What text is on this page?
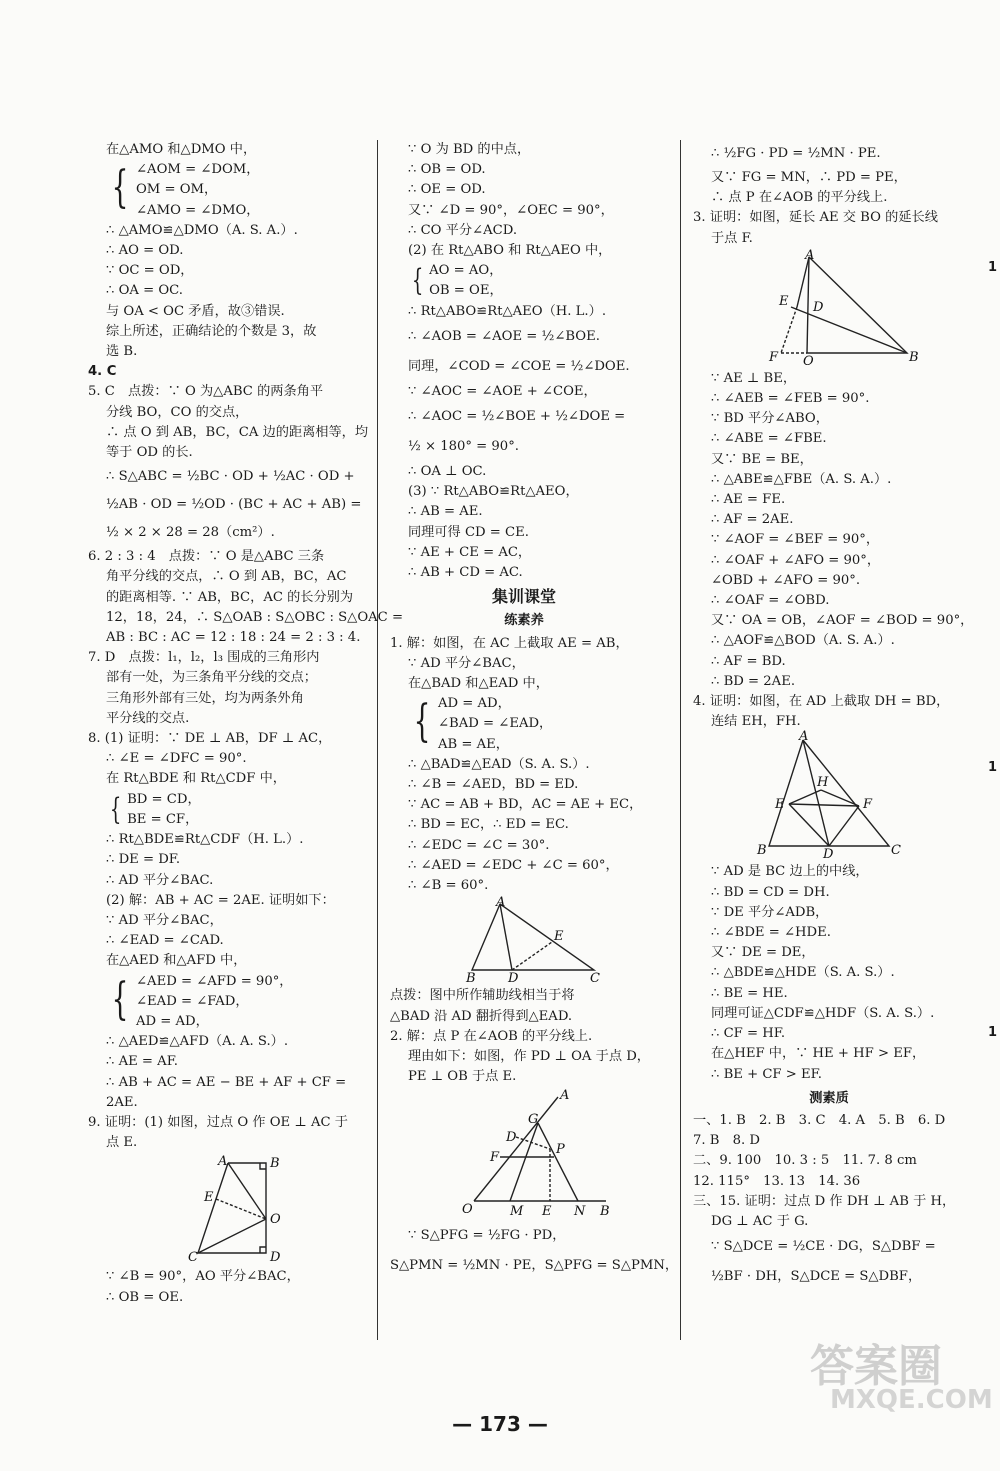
在△AMO 和△DMO 中，
{ ∠AOM = ∠DOM，
OM = OM，
∠AMO = ∠DMO，
∴ △AMO≌△DMO（A. S. A.）.
∴ AO = OD.
∵ OC = OD，
∴ OA = OC.
与 OA < OC 矛盾，故③错误.
综上所述，正确结论的个数是 3，故
选 B.
4. C
5. C　点拨：∵ O 为△ABC 的两条角平
分线 BO，CO 的交点，
∴ 点 O 到 AB，BC，CA 边的距离相等，均
等于 OD 的长.
∴ S△ABC = ½BC · OD + ½AC · OD +
½AB · OD = ½OD · (BC + AC + AB) =
½ × 2 × 28 = 28（cm²）.
6. 2 : 3 : 4　点拨：∵ O 是△ABC 三条
角平分线的交点，∴ O 到 AB，BC，AC
的距离相等. ∵ AB，BC，AC 的长分别为
12，18，24，∴ S△OAB : S△OBC : S△OAC =
AB : BC : AC = 12 : 18 : 24 = 2 : 3 : 4.
7. D　点拨：l₁，l₂，l₃ 围成的三角形内
部有一处，为三条角平分线的交点；
三角形外部有三处，均为两条外角
平分线的交点.
8. (1) 证明：∵ DE ⊥ AB，DF ⊥ AC，
∴ ∠E = ∠DFC = 90°.
在 Rt△BDE 和 Rt△CDF 中，
{ BD = CD，
BE = CF，
∴ Rt△BDE≌Rt△CDF（H. L.）.
∴ DE = DF.
∴ AD 平分∠BAC.
(2) 解：AB + AC = 2AE. 证明如下：
∵ AD 平分∠BAC，
∴ ∠EAD = ∠CAD.
在△AED 和△AFD 中，
{ ∠AED = ∠AFD = 90°，
∠EAD = ∠FAD，
AD = AD，
∴ △AED≌△AFD（A. A. S.）.
∴ AE = AF.
∴ AB + AC = AE − BE + AF + CF =
2AE.
9. 证明：(1) 如图，过点 O 作 OE ⊥ AC 于
点 E.
A	B
E
O
C	D
∵ ∠B = 90°，AO 平分∠BAC，
∴ OB = OE.
∵ O 为 BD 的中点，
∴ OB = OD.
∴ OE = OD.
又∵ ∠D = 90°，∠OEC = 90°，
∴ CO 平分∠ACD.
(2) 在 Rt△ABO 和 Rt△AEO 中，
{ AO = AO，
OB = OE，
∴ Rt△ABO≌Rt△AEO（H. L.）.
∴ ∠AOB = ∠AOE = ½∠BOE.
同理，∠COD = ∠COE = ½∠DOE.
∵ ∠AOC = ∠AOE + ∠COE，
∴ ∠AOC = ½∠BOE + ½∠DOE =
½ × 180° = 90°.
∴ OA ⊥ OC.
(3) ∵ Rt△ABO≌Rt△AEO，
∴ AB = AE.
同理可得 CD = CE.
∵ AE + CE = AC，
∴ AB + CD = AC.
集训课堂
练素养
1. 解：如图，在 AC 上截取 AE = AB，
∵ AD 平分∠BAC，
在△BAD 和△EAD 中，
{ AD = AD，
∠BAD = ∠EAD，
AB = AE，
∴ △BAD≌△EAD（S. A. S.）.
∴ ∠B = ∠AED，BD = ED.
∵ AC = AB + BD，AC = AE + EC，
∴ BD = EC，∴ ED = EC.
∴ ∠EDC = ∠C = 30°.
∴ ∠AED = ∠EDC + ∠C = 60°，
∴ ∠B = 60°.
A
E
B D	C
点拨：图中所作辅助线相当于将
△BAD 沿 AD 翻折得到△EAD.
2. 解：点 P 在∠AOB 的平分线上.
理由如下：如图，作 PD ⊥ OA 于点 D，
PE ⊥ OB 于点 E.
A
G
D
F
P
O	M E N B
∵ S△PFG = ½FG · PD，
S△PMN = ½MN · PE，S△PFG = S△PMN，
∴ ½FG · PD = ½MN · PE.
又∵ FG = MN，∴ PD = PE，
∴ 点 P 在∠AOB 的平分线上.
3. 证明：如图，延长 AE 交 BO 的延长线
于点 F.
A
E D
F O	B
∵ AE ⊥ BE，
∴ ∠AEB = ∠FEB = 90°.
∵ BD 平分∠ABO，
∴ ∠ABE = ∠FBE.
又∵ BE = BE，
∴ △ABE≌△FBE（A. S. A.）.
∴ AE = FE.
∴ AF = 2AE.
∵ ∠AOF = ∠BEF = 90°，
∴ ∠OAF + ∠AFO = 90°，
∠OBD + ∠AFO = 90°.
∴ ∠OAF = ∠OBD.
又∵ OA = OB，∠AOF = ∠BOD = 90°，
∴ △AOF≌△BOD（A. S. A.）.
∴ AF = BD.
∴ BD = 2AE.
4. 证明：如图，在 AD 上截取 DH = BD，
连结 EH，FH.
A
H
E	F
B	D	C
∵ AD 是 BC 边上的中线，
∴ BD = CD = DH.
∵ DE 平分∠ADB，
∴ ∠BDE = ∠HDE.
又∵ DE = DE，
∴ △BDE≌△HDE（S. A. S.）.
∴ BE = HE.
同理可证△CDF≌△HDF（S. A. S.）.
∴ CF = HF.
在△HEF 中，∵ HE + HF > EF，
∴ BE + CF > EF.
测素质
一、1. B　2. B　3. C　4. A　5. B　6. D
7. B　8. D
二、9. 100　10. 3 : 5　11. 7. 8 cm
12. 115°　13. 13　14. 36
三、15. 证明：过点 D 作 DH ⊥ AB 于 H，
DG ⊥ AC 于 G.
∵ S△DCE = ½CE · DG，S△DBF =
½BF · DH，S△DCE = S△DBF，
1
1
1
答案圈
MXQE.COM
— 173 —
